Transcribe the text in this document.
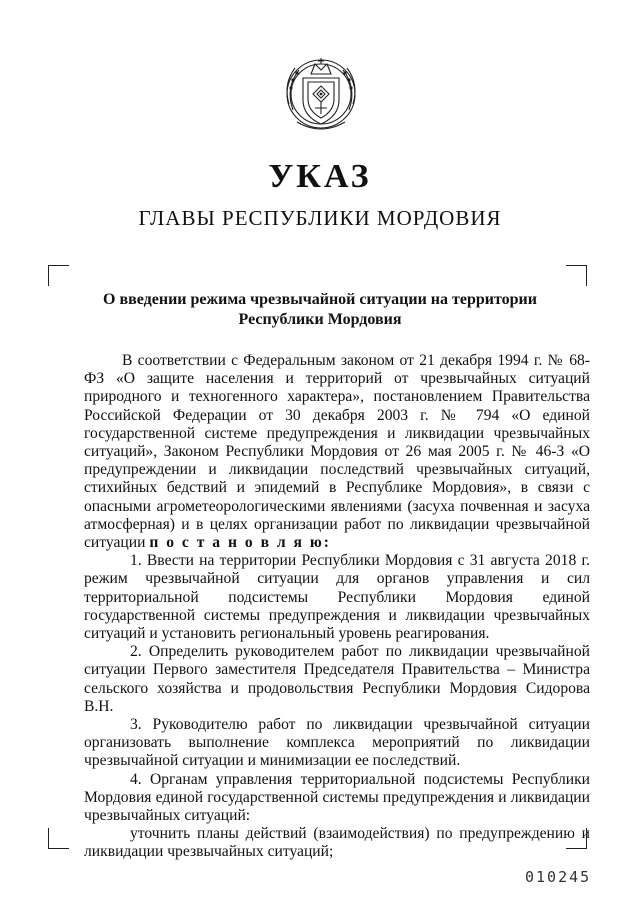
УКАЗ
ГЛАВЫ РЕСПУБЛИКИ МОРДОВИЯ
О введении режима чрезвычайной ситуации на территории
Республики Мордовия

В соответствии с Федеральным законом от 21 декабря 1994 г. № 68-ФЗ «О защите населения и территорий от чрезвычайных ситуаций природного и техногенного характера», постановлением Правительства Российской Федерации от 30 декабря 2003 г. № 794 «О единой государственной системе предупреждения и ликвидации чрезвычайных ситуаций», Законом Республики Мордовия от 26 мая 2005 г. № 46-З «О предупреждении и ликвидации последствий чрезвычайных ситуаций, стихийных бедствий и эпидемий в Республике Мордовия», в связи с опасными агрометеорологическими явлениями (засуха почвенная и засуха атмосферная) и в целях организации работ по ликвидации чрезвычайной ситуации п о с т а н о в л я ю:

1. Ввести на территории Республики Мордовия с 31 августа 2018 г. режим чрезвычайной ситуации для органов управления и сил территориальной подсистемы Республики Мордовия единой государственной системы предупреждения и ликвидации чрезвычайных ситуаций и установить региональный уровень реагирования.

2. Определить руководителем работ по ликвидации чрезвычайной ситуации Первого заместителя Председателя Правительства – Министра сельского хозяйства и продовольствия Республики Мордовия Сидорова В.Н.

3. Руководителю работ по ликвидации чрезвычайной ситуации организовать выполнение комплекса мероприятий по ликвидации чрезвычайной ситуации и минимизации ее последствий.

4. Органам управления территориальной подсистемы Республики Мордовия единой государственной системы предупреждения и ликвидации чрезвычайных ситуаций:

уточнить планы действий (взаимодействия) по предупреждению и ликвидации чрезвычайных ситуаций;

010245
